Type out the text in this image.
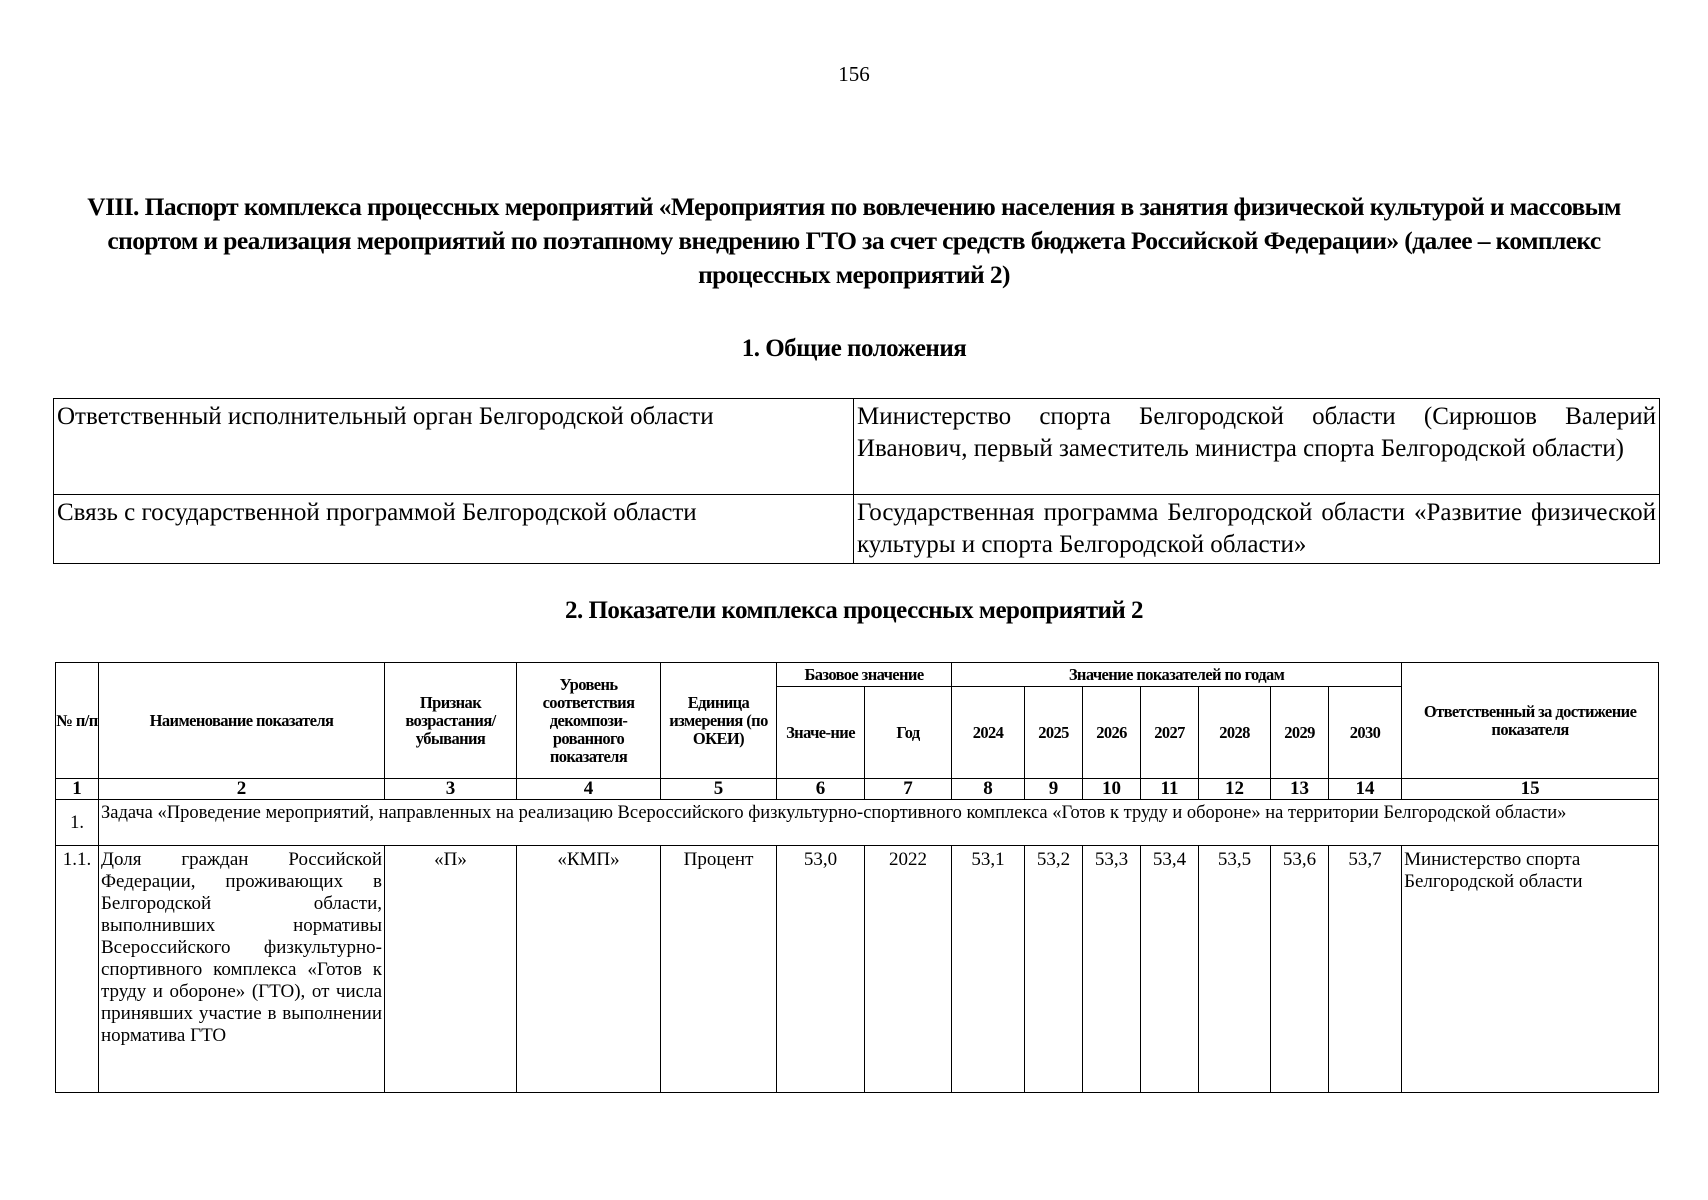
156
VIII. Паспорт комплекса процессных мероприятий «Мероприятия по вовлечению населения в занятия физической культурой и массовым спортом и реализация мероприятий по поэтапному внедрению ГТО за счет средств бюджета Российской Федерации» (далее – комплекс процессных мероприятий 2)
1. Общие положения
Ответственный исполнительный орган Белгородской области	Министерство спорта Белгородской области (Сирюшов Валерий Иванович, первый заместитель министра спорта Белгородской области)
Связь с государственной программой Белгородской области	Государственная программа Белгородской области «Развитие физической культуры и спорта Белгородской области»
2. Показатели комплекса процессных мероприятий 2
№ п/п	Наименование показателя	Признак возрастания/ убывания	Уровень соответствия декомпози-рованного показателя	Единица измерения (по ОКЕИ)	Базовое значение		Значение показателей по годам							Ответственный за достижение показателя
					Значе-ние	Год	2024	2025	2026	2027	2028	2029	2030	
1	2	3	4	5	6	7	8	9	10	11	12	13	14	15
1.	Задача «Проведение мероприятий, направленных на реализацию Всероссийского физкультурно-спортивного комплекса «Готов к труду и обороне» на территории Белгородской области»													
1.1.	Доля граждан Российской Федерации, проживающих в Белгородской области, выполнивших нормативы Всероссийского физкультурно-спортивного комплекса «Готов к труду и обороне» (ГТО), от числа принявших участие в выполнении норматива ГТО	«П»	«КМП»	Процент	53,0	2022	53,1	53,2	53,3	53,4	53,5	53,6	53,7	Министерство спорта Белгородской области
